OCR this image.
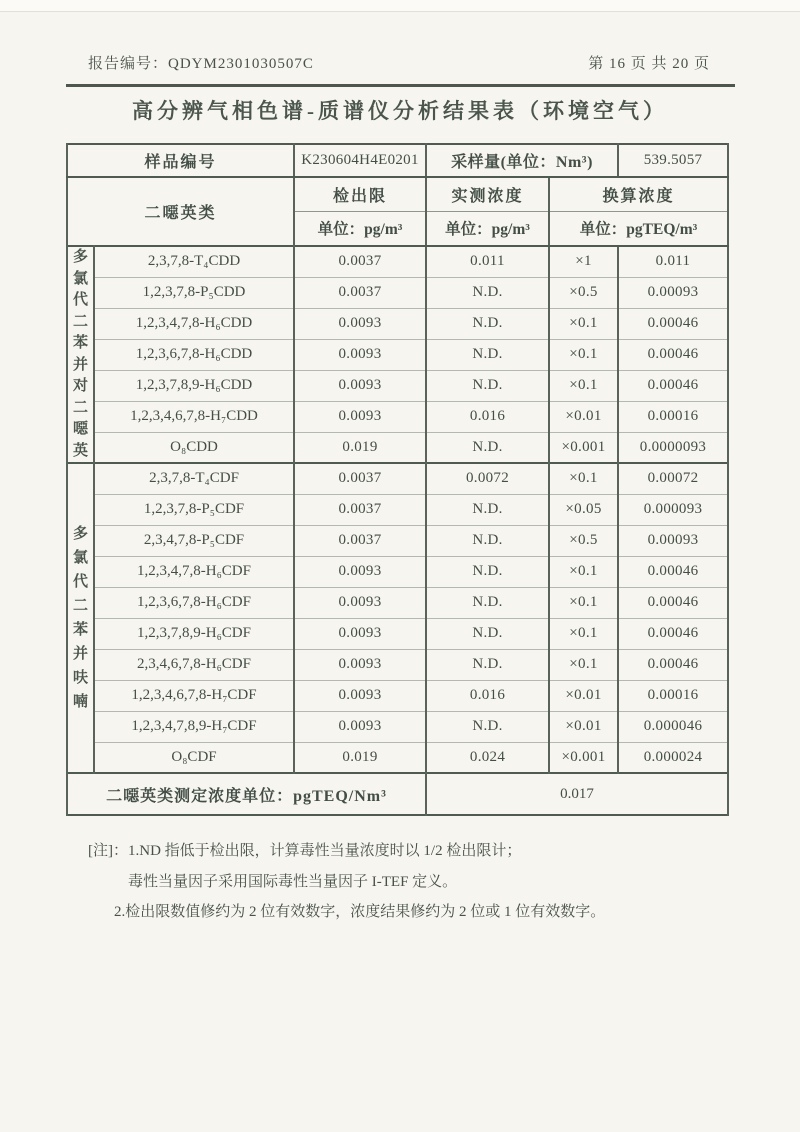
报告编号：QDYM2301030507C	第 16 页 共 20 页
高分辨气相色谱-质谱仪分析结果表（环境空气）
样品编号		K230604H4E0201	采样量(单位：Nm³)		539.5057
二噁英类		检出限	实测浓度	换算浓度	
		单位：pg/m³	单位：pg/m³	单位：pgTEQ/m³	

多氯代二苯并对二噁英	2,3,7,8-T₄CDD	0.0037	0.011	×1	0.011
	1,2,3,7,8-P₅CDD	0.0037	N.D.	×0.5	0.00093
	1,2,3,4,7,8-H₆CDD	0.0093	N.D.	×0.1	0.00046
	1,2,3,6,7,8-H₆CDD	0.0093	N.D.	×0.1	0.00046
	1,2,3,7,8,9-H₆CDD	0.0093	N.D.	×0.1	0.00046
	1,2,3,4,6,7,8-H₇CDD	0.0093	0.016	×0.01	0.00016
	O₈CDD	0.019	N.D.	×0.001	0.0000093

多氯代二苯并呋喃	2,3,7,8-T₄CDF	0.0037	0.0072	×0.1	0.00072
	1,2,3,7,8-P₅CDF	0.0037	N.D.	×0.05	0.000093
	2,3,4,7,8-P₅CDF	0.0037	N.D.	×0.5	0.00093
	1,2,3,4,7,8-H₆CDF	0.0093	N.D.	×0.1	0.00046
	1,2,3,6,7,8-H₆CDF	0.0093	N.D.	×0.1	0.00046
	1,2,3,7,8,9-H₆CDF	0.0093	N.D.	×0.1	0.00046
	2,3,4,6,7,8-H₆CDF	0.0093	N.D.	×0.1	0.00046
	1,2,3,4,6,7,8-H₇CDF	0.0093	0.016	×0.01	0.00016
	1,2,3,4,7,8,9-H₇CDF	0.0093	N.D.	×0.01	0.000046
	O₈CDF	0.019	0.024	×0.001	0.000024
二噁英类测定浓度单位：pgTEQ/Nm³			0.017		
[注]：1.ND 指低于检出限，计算毒性当量浓度时以 1/2 检出限计；
毒性当量因子采用国际毒性当量因子 I-TEF 定义。
2.检出限数值修约为 2 位有效数字，浓度结果修约为 2 位或 1 位有效数字。
